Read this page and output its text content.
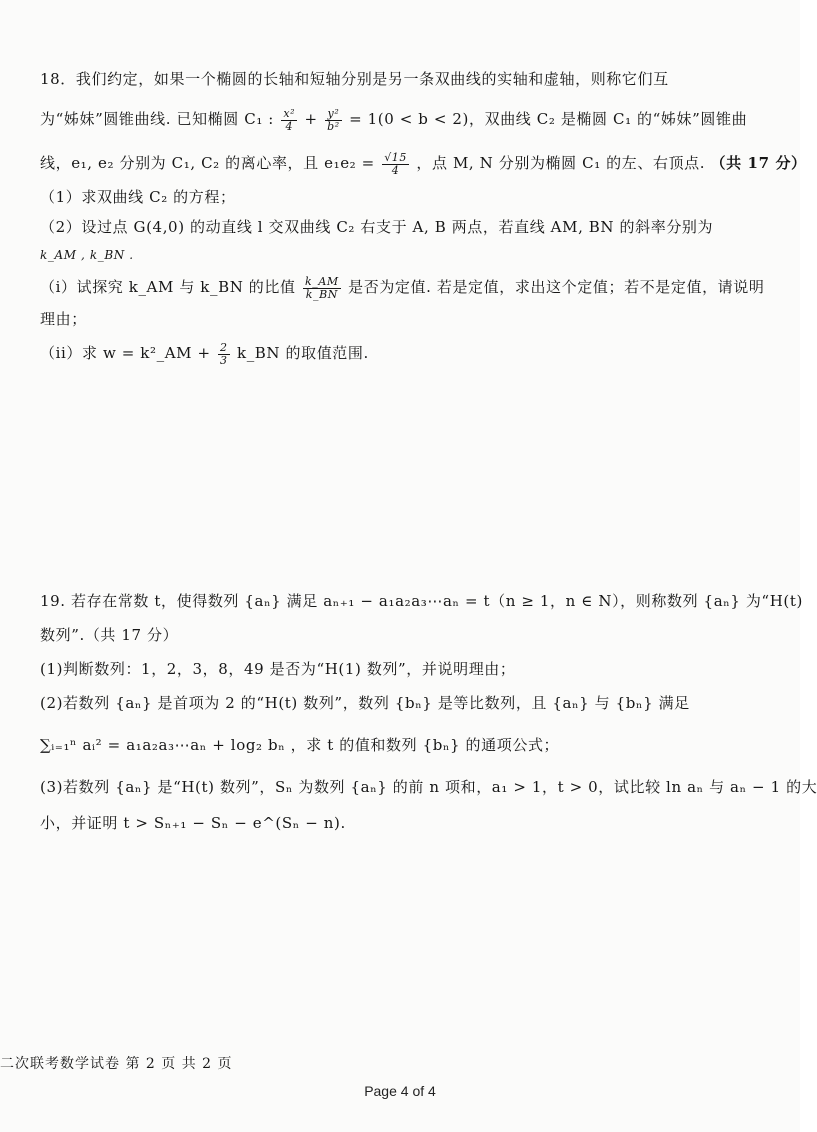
18．我们约定，如果一个椭圆的长轴和短轴分别是另一条双曲线的实轴和虚轴，则称它们互
为“姊妹”圆锥曲线. 已知椭圆 C₁ : $\frac{\text{x²}}{4} + \frac{\text{y²}}{\text{b²}} = 1(0 < b < 2)$，双曲线 C₂ 是椭圆 C₁ 的“姊妹”圆锥曲
线，e₁, e₂ 分别为 C₁, C₂ 的离心率，且 $e_1e_2 = \frac{√15}{4}$ ，点 M, N 分别为椭圆 C₁ 的左、右顶点. （共 17 分）
（1）求双曲线 C₂ 的方程；
（2）设过点 G(4,0) 的动直线 l 交双曲线 C₂ 右支于 A, B 两点，若直线 AM, BN 的斜率分别为
k_AM , k_BN .
（i）试探究 k_AM 与 k_BN 的比值 $\frac{k\_AM}{k\_BN}$ 是否为定值. 若是定值，求出这个定值；若不是定值，请说明
理由；
（ii）求 w = k²_AM + $\frac{2}{3}$ k_BN 的取值范围.
19. 若存在常数 t，使得数列 {aₙ} 满足 aₙ₊₁ − a₁a₂a₃⋯aₙ = t（n ≥ 1，n ∈ N），则称数列 {aₙ} 为“H(t)
数列”.（共 17 分）
(1)判断数列：1，2，3，8，49 是否为“H(1) 数列”，并说明理由；
(2)若数列 {aₙ} 是首项为 2 的“H(t) 数列”，数列 {bₙ} 是等比数列，且 {aₙ} 与 {bₙ} 满足
∑ᵢ₌₁ⁿ aᵢ² = a₁a₂a₃⋯aₙ + log₂ bₙ ，求 t 的值和数列 {bₙ} 的通项公式；
(3)若数列 {aₙ} 是“H(t) 数列”，Sₙ 为数列 {aₙ} 的前 n 项和，a₁ > 1，t > 0，试比较 ln aₙ 与 aₙ − 1 的大
小，并证明 t > Sₙ₊₁ − Sₙ − e^(Sₙ − n).
二次联考数学试卷 第 2 页 共 2 页
Page 4 of 4
